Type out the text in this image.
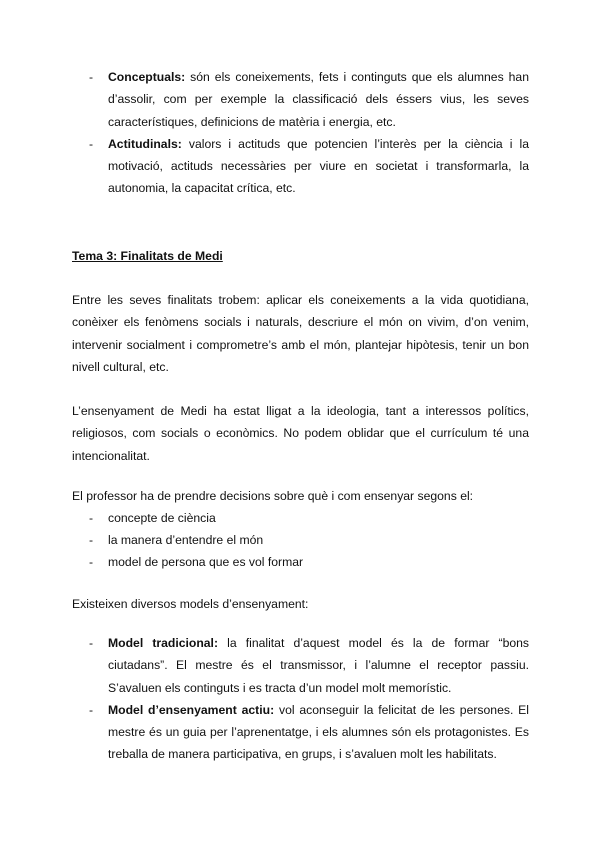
- Conceptuals: són els coneixements, fets i continguts que els alumnes han d’assolir, com per exemple la classificació dels éssers vius, les seves característiques, definicions de matèria i energia, etc.
- Actitudinals: valors i actituds que potencien l’interès per la ciència i la motivació, actituds necessàries per viure en societat i transformarla, la autonomia, la capacitat crítica, etc.

Tema 3: Finalitats de Medi

Entre les seves finalitats trobem: aplicar els coneixements a la vida quotidiana, conèixer els fenòmens socials i naturals, descriure el món on vivim, d’on venim, intervenir socialment i comprometre’s amb el món, plantejar hipòtesis, tenir un bon nivell cultural, etc.

L’ensenyament de Medi ha estat lligat a la ideologia, tant a interessos polítics, religiosos, com socials o econòmics. No podem oblidar que el currículum té una intencionalitat.

El professor ha de prendre decisions sobre què i com ensenyar segons el:

- concepte de ciència
- la manera d’entendre el món
- model de persona que es vol formar

Existeixen diversos models d’ensenyament:

- Model tradicional: la finalitat d’aquest model és la de formar “bons ciutadans”. El mestre és el transmissor, i l’alumne el receptor passiu. S’avaluen els continguts i es tracta d’un model molt memorístic.
- Model d’ensenyament actiu: vol aconseguir la felicitat de les persones. El mestre és un guia per l’aprenentatge, i els alumnes són els protagonistes. Es treballa de manera participativa, en grups, i s’avaluen molt les habilitats.
